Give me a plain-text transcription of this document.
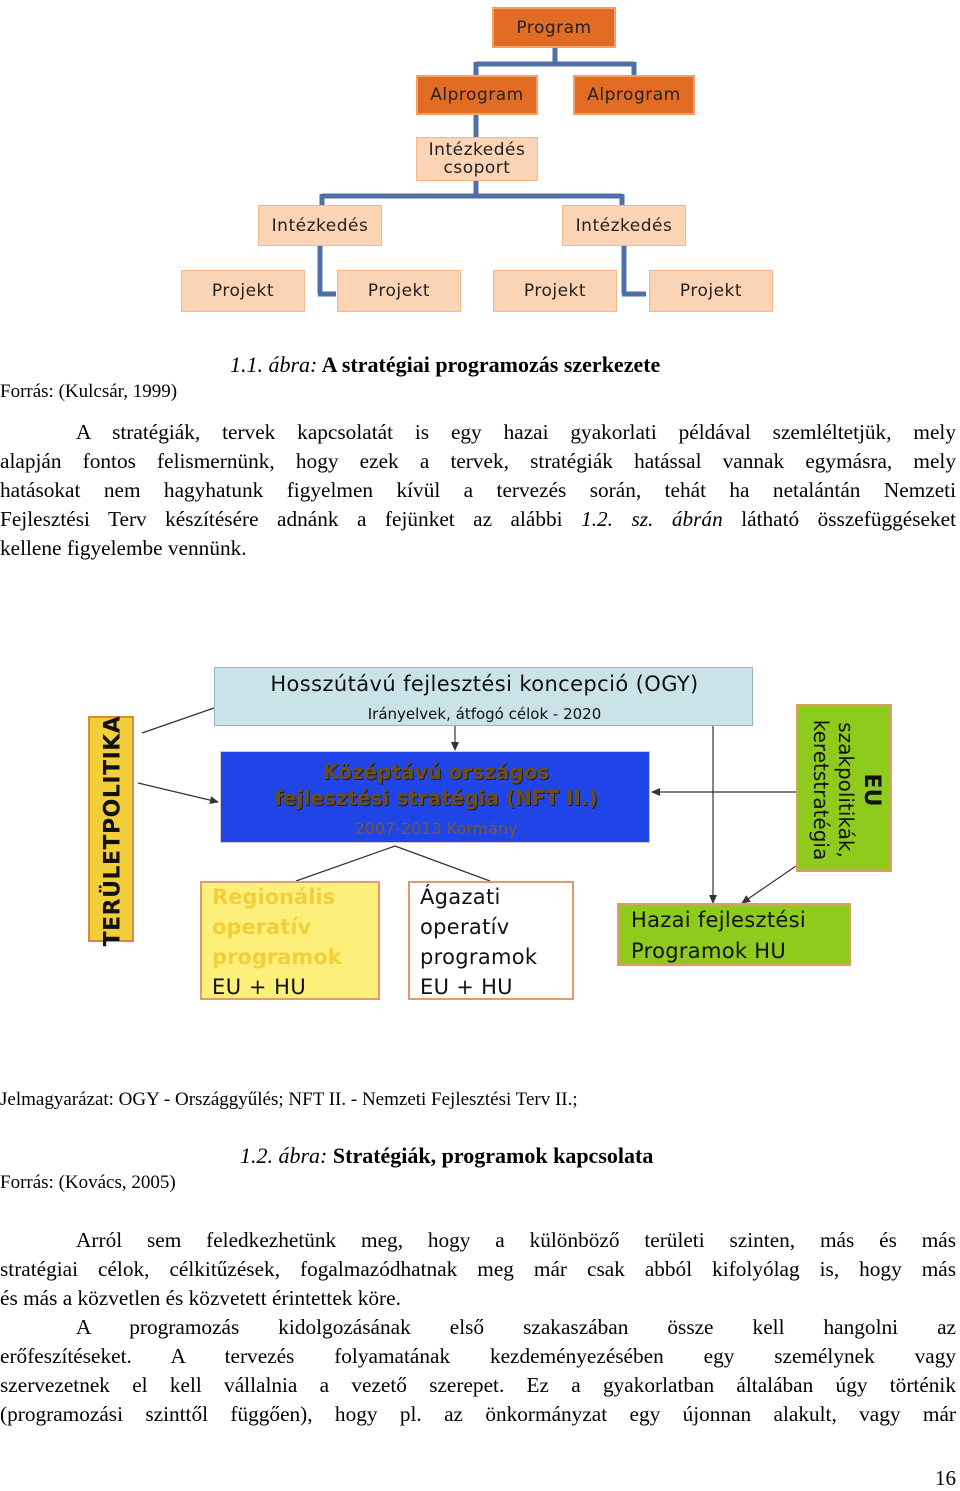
Program
Alprogram	Alprogram
Intézkedés
csoport
Intézkedés	Intézkedés
Projekt	Projekt	Projekt	Projekt
1.1. ábra: A stratégiai programozás szerkezete
Forrás: (Kulcsár, 1999)
A stratégiák, tervek kapcsolatát is egy hazai gyakorlati példával szemléltetjük, mely
alapján fontos felismernünk, hogy ezek a tervek, stratégiák hatással vannak egymásra, mely
hatásokat nem hagyhatunk figyelmen kívül a tervezés során, tehát ha netalántán Nemzeti
Fejlesztési Terv készítésére adnánk a fejünket az alábbi 1.2. sz. ábrán látható összefüggéseket
kellene figyelembe vennünk.
Hosszútávú fejlesztési koncepció (OGY)
Irányelvek, átfogó célok - 2020
Középtávú országos
fejlesztési stratégia (NFT II.)
2007-2013 Kormány
TERÜLETPOLITIKA	EU
szakpolitikák,
keretstratégia
Regionális
operatív
programok
EU + HU
Ágazati
operatív
programok
EU + HU
Hazai fejlesztési
Programok HU
Jelmagyarázat: OGY - Országgyűlés; NFT II. - Nemzeti Fejlesztési Terv II.;
1.2. ábra: Stratégiák, programok kapcsolata
Forrás: (Kovács, 2005)
Arról sem feledkezhetünk meg, hogy a különböző területi szinten, más és más
stratégiai célok, célkitűzések, fogalmazódhatnak meg már csak abból kifolyólag is, hogy más
és más a közvetlen és közvetett érintettek köre.
A programozás kidolgozásának első szakaszában össze kell hangolni az
erőfeszítéseket. A tervezés folyamatának kezdeményezésében egy személynek vagy
szervezetnek el kell vállalnia a vezető szerepet. Ez a gyakorlatban általában úgy történik
(programozási szinttől függően), hogy pl. az önkormányzat egy újonnan alakult, vagy már
16
